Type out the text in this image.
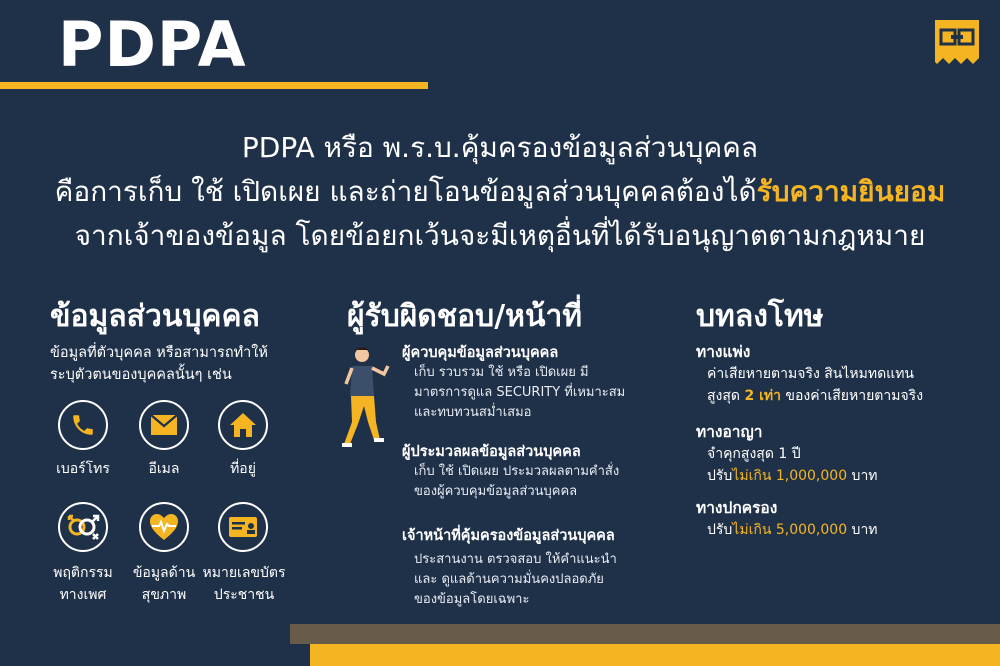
PDPA
PDPA หรือ พ.ร.บ.คุ้มครองข้อมูลส่วนบุคคล
คือการเก็บ ใช้ เปิดเผย และถ่ายโอนข้อมูลส่วนบุคคลต้องได้รับความยินยอม
จากเจ้าของข้อมูล โดยข้อยกเว้นจะมีเหตุอื่นที่ได้รับอนุญาตตามกฎหมาย
ข้อมูลส่วนบุคคล
ข้อมูลที่ตัวบุคคล หรือสามารถทำให้
ระบุตัวตนของบุคคลนั้นๆ เช่น
เบอร์โทร	อีเมล	ที่อยู่
พฤติกรรม
ทางเพศ
ข้อมูลด้าน
สุขภาพ
หมายเลขบัตร
ประชาชน
ผู้รับผิดชอบ/หน้าที่
ผู้ควบคุมข้อมูลส่วนบุคคล
เก็บ รวบรวม ใช้ หรือ เปิดเผย มี
มาตรการดูแล SECURITY ที่เหมาะสม
และทบทวนสม่ำเสมอ
ผู้ประมวลผลข้อมูลส่วนบุคคล
เก็บ ใช้ เปิดเผย ประมวลผลตามคำสั่ง
ของผู้ควบคุมข้อมูลส่วนบุคคล
เจ้าหน้าที่คุ้มครองข้อมูลส่วนบุคคล
ประสานงาน ตรวจสอบ ให้คำแนะนำ
และ ดูแลด้านความมั่นคงปลอดภัย
ของข้อมูลโดยเฉพาะ
บทลงโทษ
ทางแพ่ง
ค่าเสียหายตามจริง สินไหมทดแทน
สูงสุด 2 เท่า ของค่าเสียหายตามจริง
ทางอาญา
จำคุกสูงสุด 1 ปี
ปรับไม่เกิน 1,000,000 บาท
ทางปกครอง
ปรับไม่เกิน 5,000,000 บาท
